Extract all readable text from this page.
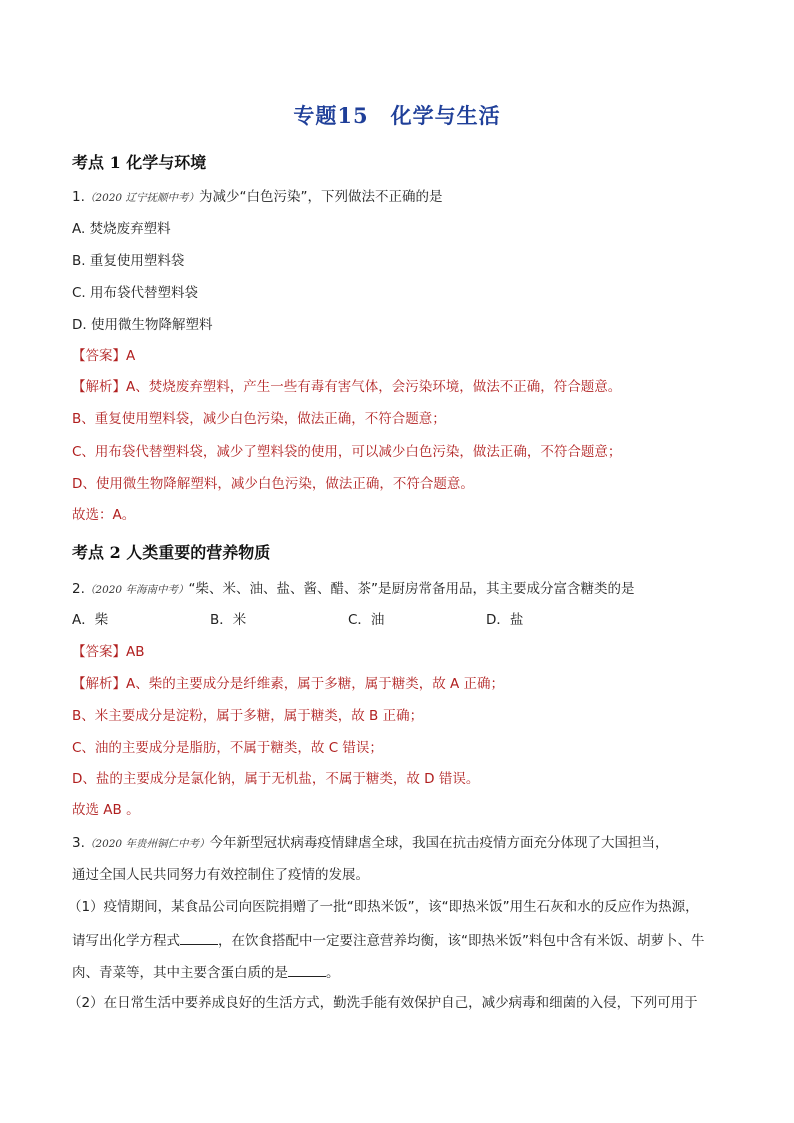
专题15　化学与生活
考点 1 化学与环境
1.（2020 辽宁抚顺中考）为减少“白色污染”，下列做法不正确的是
A. 焚烧废弃塑料
B. 重复使用塑料袋
C. 用布袋代替塑料袋
D. 使用微生物降解塑料
【答案】A
【解析】A、焚烧废弃塑料，产生一些有毒有害气体，会污染环境，做法不正确，符合题意。
B、重复使用塑料袋，减少白色污染，做法正确，不符合题意；
C、用布袋代替塑料袋，减少了塑料袋的使用，可以减少白色污染，做法正确，不符合题意；
D、使用微生物降解塑料，减少白色污染，做法正确，不符合题意。
故选：A。
考点 2 人类重要的营养物质
2.（2020 年海南中考）“柴、米、油、盐、酱、醋、茶”是厨房常备用品，其主要成分富含糖类的是
A．柴	B．米	C．油	D．盐
【答案】AB
【解析】A、柴的主要成分是纤维素，属于多糖，属于糖类，故 A 正确；
B、米主要成分是淀粉，属于多糖，属于糖类，故 B 正确；
C、油的主要成分是脂肪，不属于糖类，故 C 错误；
D、盐的主要成分是氯化钠，属于无机盐，不属于糖类，故 D 错误。
故选 AB 。
3.（2020 年贵州铜仁中考）今年新型冠状病毒疫情肆虐全球，我国在抗击疫情方面充分体现了大国担当，
通过全国人民共同努力有效控制住了疫情的发展。
（1）疫情期间，某食品公司向医院捐赠了一批“即热米饭”，该“即热米饭”用生石灰和水的反应作为热源，
请写出化学方程式	，在饮食搭配中一定要注意营养均衡，该“即热米饭”料包中含有米饭、胡萝卜、牛
肉、青菜等，其中主要含蛋白质的是	。
（2）在日常生活中要养成良好的生活方式，勤洗手能有效保护自己，减少病毒和细菌的入侵，下列可用于
